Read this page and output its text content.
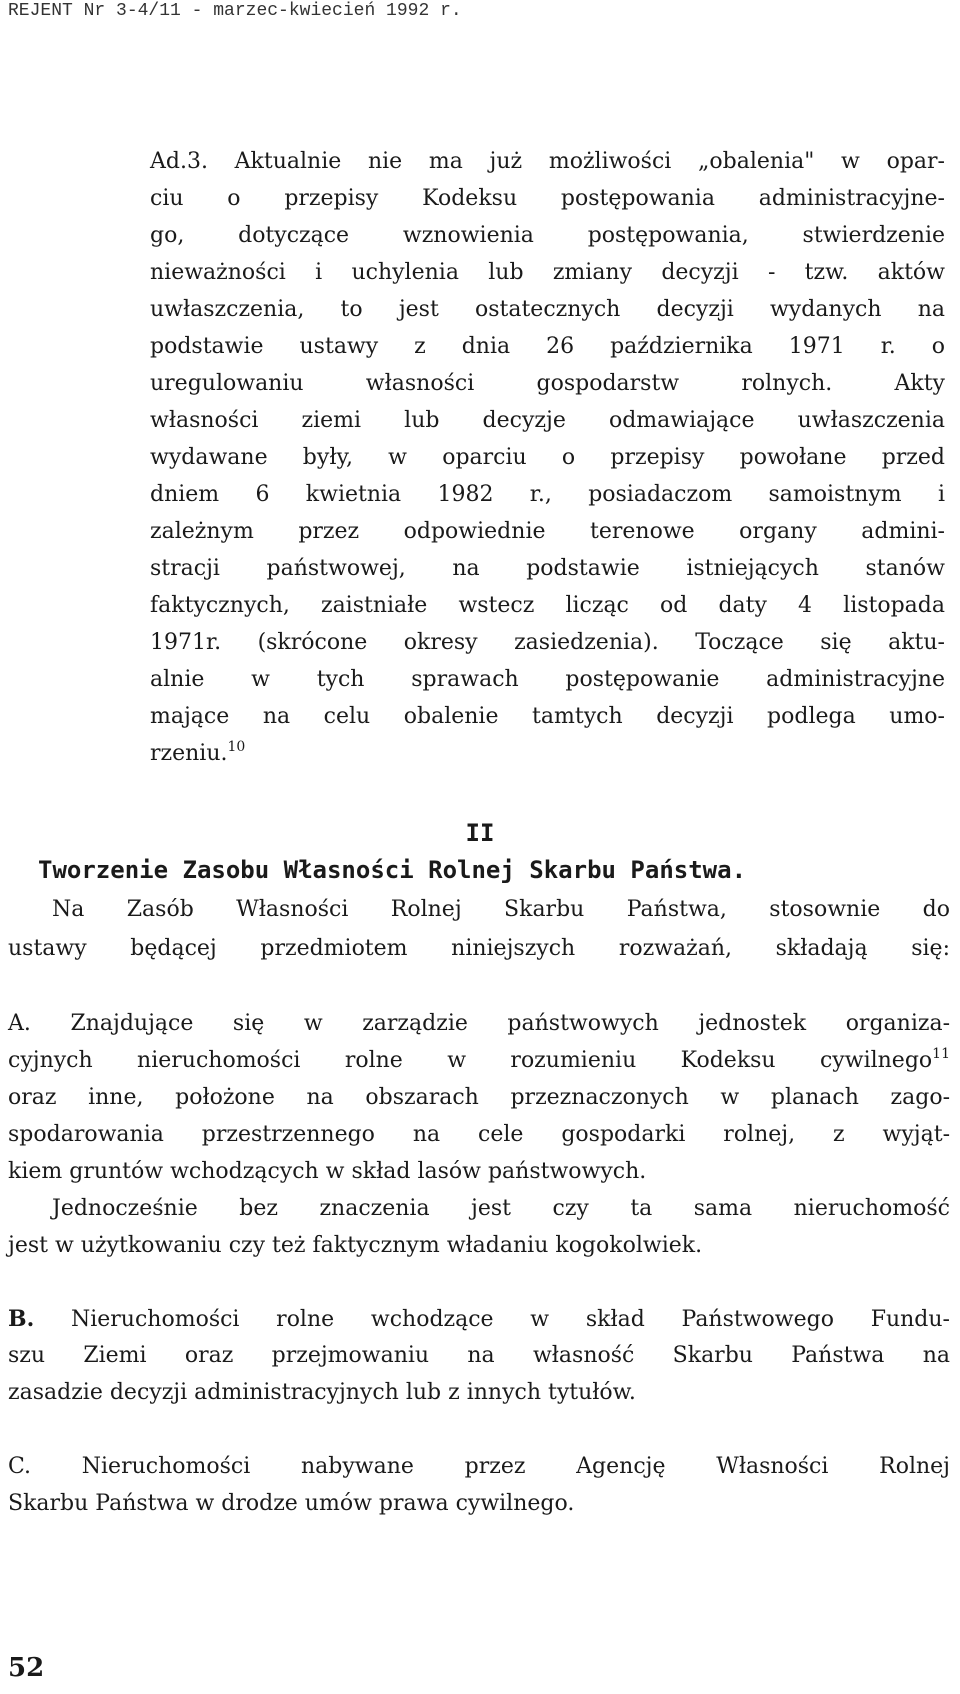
REJENT Nr 3-4/11 - marzec-kwiecień 1992 r.
Ad.3. Aktualnie nie ma już możliwości „obalenia" w opar-
ciu o przepisy Kodeksu postępowania administracyjne-
go, dotyczące wznowienia postępowania, stwierdzenie
nieważności i uchylenia lub zmiany decyzji - tzw. aktów
uwłaszczenia, to jest ostatecznych decyzji wydanych na
podstawie ustawy z dnia 26 października 1971 r. o
uregulowaniu własności gospodarstw rolnych. Akty
własności ziemi lub decyzje odmawiające uwłaszczenia
wydawane były, w oparciu o przepisy powołane przed
dniem 6 kwietnia 1982 r., posiadaczom samoistnym i
zależnym przez odpowiednie terenowe organy admini-
stracji państwowej, na podstawie istniejących stanów
faktycznych, zaistniałe wstecz licząc od daty 4 listopada
1971r. (skrócone okresy zasiedzenia). Toczące się aktu-
alnie w tych sprawach postępowanie administracyjne
mające na celu obalenie tamtych decyzji podlega umo-
rzeniu.$^{10}$
II
Tworzenie Zasobu Własności Rolnej Skarbu Państwa.
Na Zasób Własności Rolnej Skarbu Państwa, stosownie do
ustawy będącej przedmiotem niniejszych rozważań, składają się:
A. Znajdujące się w zarządzie państwowych jednostek organiza-
cyjnych nieruchomości rolne w rozumieniu Kodeksu cywilnego$^{11}$
oraz inne, położone na obszarach przeznaczonych w planach zago-
spodarowania przestrzennego na cele gospodarki rolnej, z wyjąt-
kiem gruntów wchodzących w skład lasów państwowych.
Jednocześnie bez znaczenia jest czy ta sama nieruchomość
jest w użytkowaniu czy też faktycznym władaniu kogokolwiek.
B. Nieruchomości rolne wchodzące w skład Państwowego Fundu-
szu Ziemi oraz przejmowaniu na własność Skarbu Państwa na
zasadzie decyzji administracyjnych lub z innych tytułów.
C. Nieruchomości nabywane przez Agencję Własności Rolnej
Skarbu Państwa w drodze umów prawa cywilnego.
52
